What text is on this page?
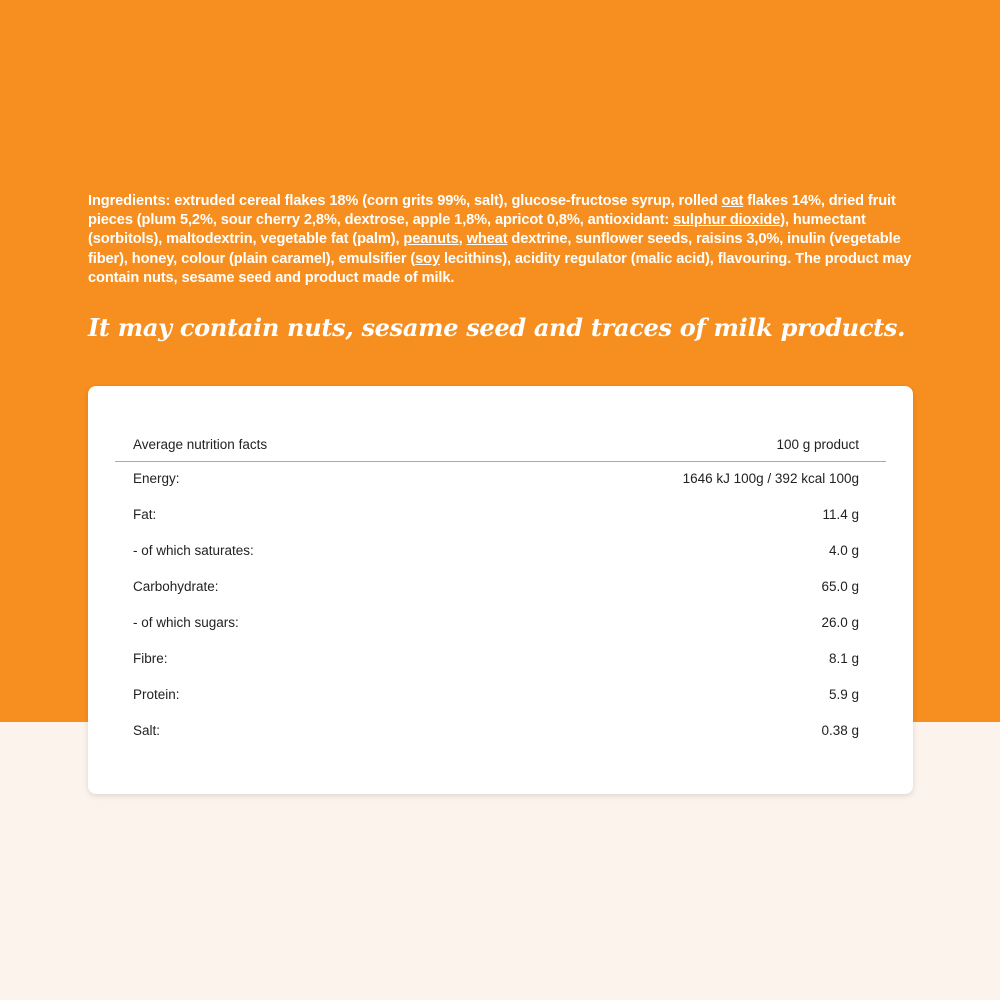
Ingredients: extruded cereal flakes 18% (corn grits 99%, salt), glucose-fructose syrup, rolled oat flakes 14%, dried fruit pieces (plum 5,2%, sour cherry 2,8%, dextrose, apple 1,8%, apricot 0,8%, antioxidant: sulphur dioxide), humectant (sorbitols), maltodextrin, vegetable fat (palm), peanuts, wheat dextrine, sunflower seeds, raisins 3,0%, inulin (vegetable fiber), honey, colour (plain caramel), emulsifier (soy lecithins), acidity regulator (malic acid), flavouring. The product may contain nuts, sesame seed and product made of milk.

It may contain nuts, sesame seed and traces of milk products.
Average nutrition facts	100 g product
Energy:	1646 kJ 100g / 392 kcal 100g
Fat:	11.4 g
- of which saturates:	4.0 g
Carbohydrate:	65.0 g
- of which sugars:	26.0 g
Fibre:	8.1 g
Protein:	5.9 g
Salt:	0.38 g
